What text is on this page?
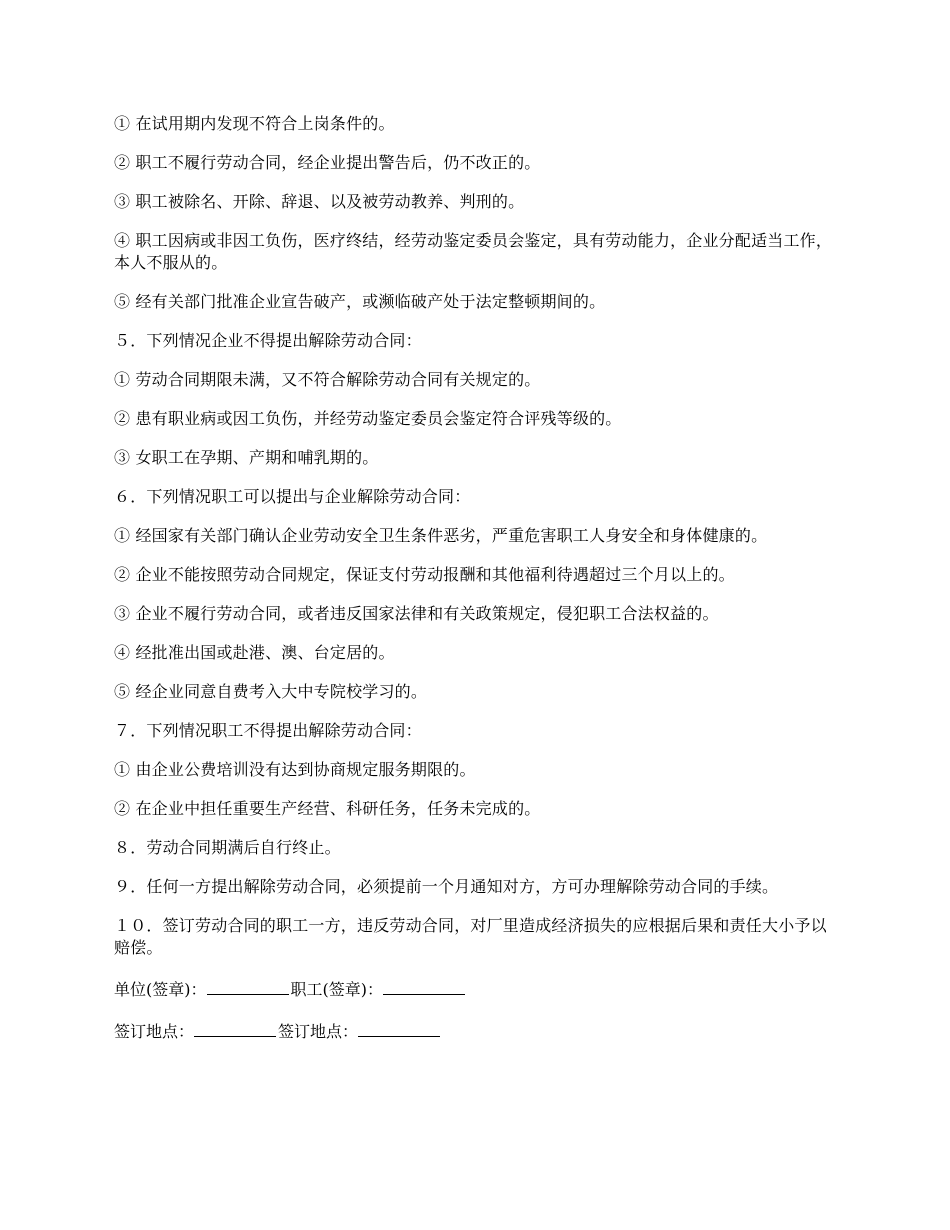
① 在试用期内发现不符合上岗条件的。

② 职工不履行劳动合同，经企业提出警告后，仍不改正的。

③ 职工被除名、开除、辞退、以及被劳动教养、判刑的。

④ 职工因病或非因工负伤，医疗终结，经劳动鉴定委员会鉴定，具有劳动能力，企业分配适当工作，本人不服从的。

⑤ 经有关部门批准企业宣告破产，或濒临破产处于法定整顿期间的。

５．下列情况企业不得提出解除劳动合同：

① 劳动合同期限未满，又不符合解除劳动合同有关规定的。

② 患有职业病或因工负伤，并经劳动鉴定委员会鉴定符合评残等级的。

③ 女职工在孕期、产期和哺乳期的。

６．下列情况职工可以提出与企业解除劳动合同：

① 经国家有关部门确认企业劳动安全卫生条件恶劣，严重危害职工人身安全和身体健康的。

② 企业不能按照劳动合同规定，保证支付劳动报酬和其他福利待遇超过三个月以上的。

③ 企业不履行劳动合同，或者违反国家法律和有关政策规定，侵犯职工合法权益的。

④ 经批准出国或赴港、澳、台定居的。

⑤ 经企业同意自费考入大中专院校学习的。

７．下列情况职工不得提出解除劳动合同：

① 由企业公费培训没有达到协商规定服务期限的。

② 在企业中担任重要生产经营、科研任务，任务未完成的。

８．劳动合同期满后自行终止。

９．任何一方提出解除劳动合同，必须提前一个月通知对方，方可办理解除劳动合同的手续。

１０．签订劳动合同的职工一方，违反劳动合同，对厂里造成经济损失的应根据后果和责任大小予以赔偿。

单位(签章)：	职工(签章)：
签订地点：	签订地点：
